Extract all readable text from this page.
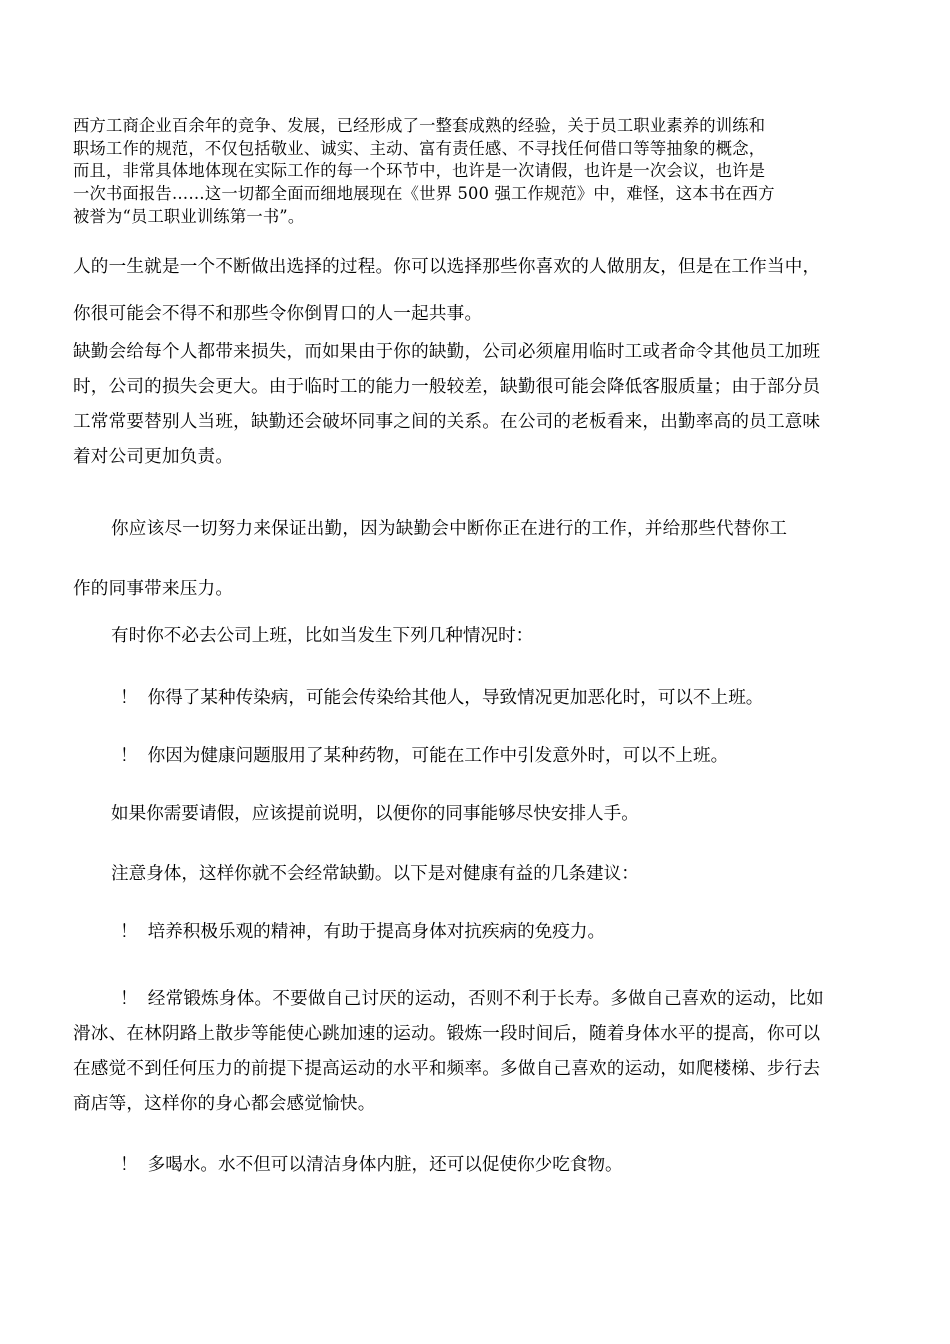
西方工商企业百余年的竞争、发展，已经形成了一整套成熟的经验，关于员工职业素养的训练和
职场工作的规范，不仅包括敬业、诚实、主动、富有责任感、不寻找任何借口等等抽象的概念，
而且，非常具体地体现在实际工作的每一个环节中，也许是一次请假，也许是一次会议，也许是
一次书面报告……这一切都全面而细地展现在《世界 500 强工作规范》中，难怪，这本书在西方
被誉为“员工职业训练第一书”。

人的一生就是一个不断做出选择的过程。你可以选择那些你喜欢的人做朋友，但是在工作当中，
你很可能会不得不和那些令你倒胃口的人一起共事。

缺勤会给每个人都带来损失，而如果由于你的缺勤，公司必须雇用临时工或者命令其他员工加班
时，公司的损失会更大。由于临时工的能力一般较差，缺勤很可能会降低客服质量；由于部分员
工常常要替别人当班，缺勤还会破坏同事之间的关系。在公司的老板看来，出勤率高的员工意味
着对公司更加负责。

你应该尽一切努力来保证出勤，因为缺勤会中断你正在进行的工作，并给那些代替你工
作的同事带来压力。

有时你不必去公司上班，比如当发生下列几种情况时：

！ 你得了某种传染病，可能会传染给其他人，导致情况更加恶化时，可以不上班。

！ 你因为健康问题服用了某种药物，可能在工作中引发意外时，可以不上班。

如果你需要请假，应该提前说明，以便你的同事能够尽快安排人手。

注意身体，这样你就不会经常缺勤。以下是对健康有益的几条建议：

！ 培养积极乐观的精神，有助于提高身体对抗疾病的免疫力。

！ 经常锻炼身体。不要做自己讨厌的运动，否则不利于长寿。多做自己喜欢的运动，比如
滑冰、在林阴路上散步等能使心跳加速的运动。锻炼一段时间后，随着身体水平的提高，你可以
在感觉不到任何压力的前提下提高运动的水平和频率。多做自己喜欢的运动，如爬楼梯、步行去
商店等，这样你的身心都会感觉愉快。

！ 多喝水。水不但可以清洁身体内脏，还可以促使你少吃食物。
